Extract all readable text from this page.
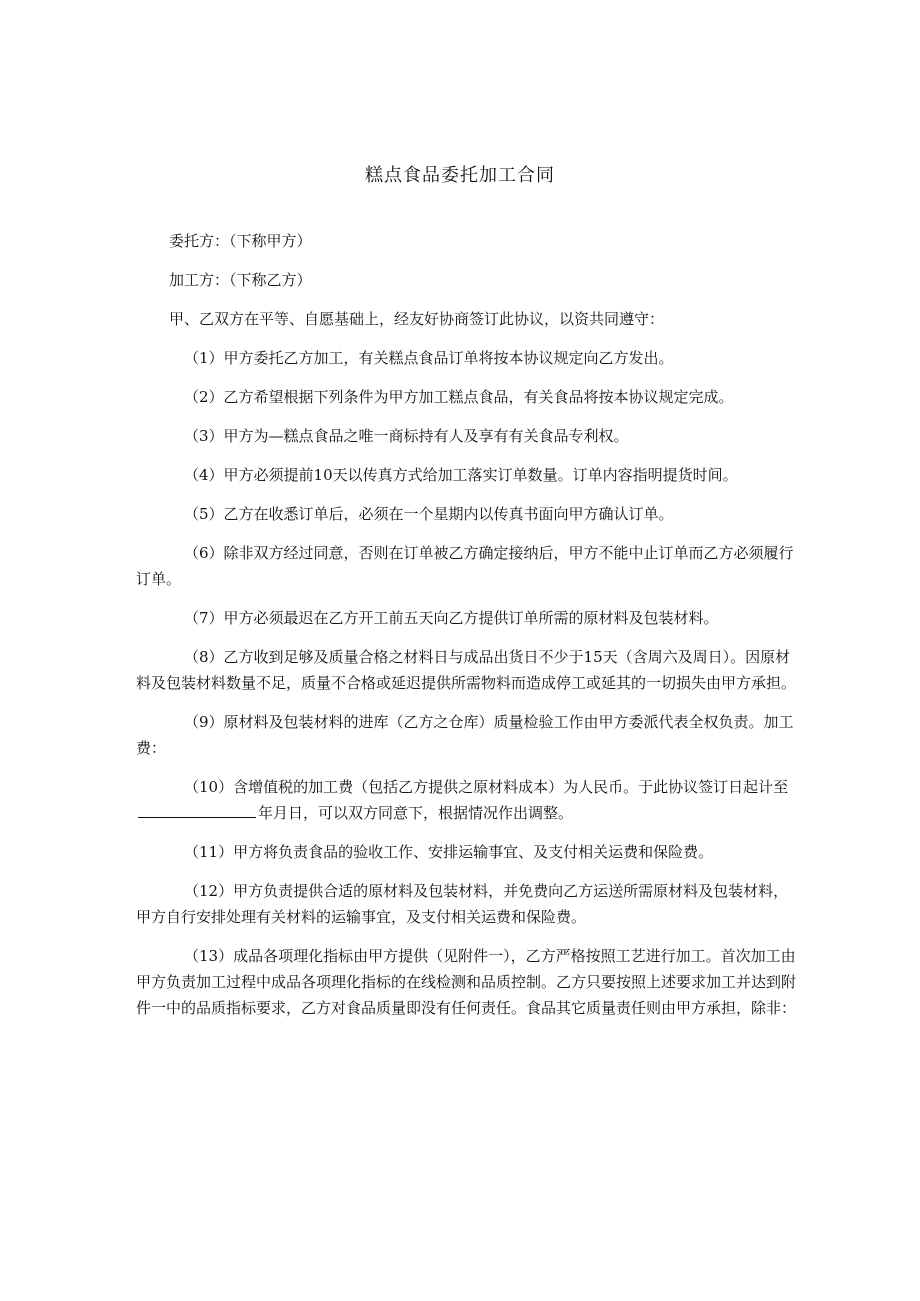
糕点食品委托加工合同

委托方：（下称甲方）

加工方：（下称乙方）

甲、乙双方在平等、自愿基础上，经友好协商签订此协议，以资共同遵守：

（1）甲方委托乙方加工，有关糕点食品订单将按本协议规定向乙方发出。

（2）乙方希望根据下列条件为甲方加工糕点食品，有关食品将按本协议规定完成。

（3）甲方为—糕点食品之唯一商标持有人及享有有关食品专利权。

（4）甲方必须提前10天以传真方式给加工落实订单数量。订单内容指明提货时间。

（5）乙方在收悉订单后，必须在一个星期内以传真书面向甲方确认订单。

（6）除非双方经过同意，否则在订单被乙方确定接纳后，甲方不能中止订单而乙方必须履行订单。

（7）甲方必须最迟在乙方开工前五天向乙方提供订单所需的原材料及包装材料。

（8）乙方收到足够及质量合格之材料日与成品出货日不少于15天（含周六及周日）。因原材料及包装材料数量不足，质量不合格或延迟提供所需物料而造成停工或延其的一切损失由甲方承担。

（9）原材料及包装材料的进库（乙方之仓库）质量检验工作由甲方委派代表全权负责。加工费：

（10）含增值税的加工费（包括乙方提供之原材料成本）为人民币。于此协议签订日起计至年月日，可以双方同意下，根据情况作出调整。

（11）甲方将负责食品的验收工作、安排运输事宜、及支付相关运费和保险费。

（12）甲方负责提供合适的原材料及包装材料，并免费向乙方运送所需原材料及包装材料，甲方自行安排处理有关材料的运输事宜，及支付相关运费和保险费。

（13）成品各项理化指标由甲方提供（见附件一），乙方严格按照工艺进行加工。首次加工由甲方负责加工过程中成品各项理化指标的在线检测和品质控制。乙方只要按照上述要求加工并达到附件一中的品质指标要求，乙方对食品质量即没有任何责任。食品其它质量责任则由甲方承担，除非：
